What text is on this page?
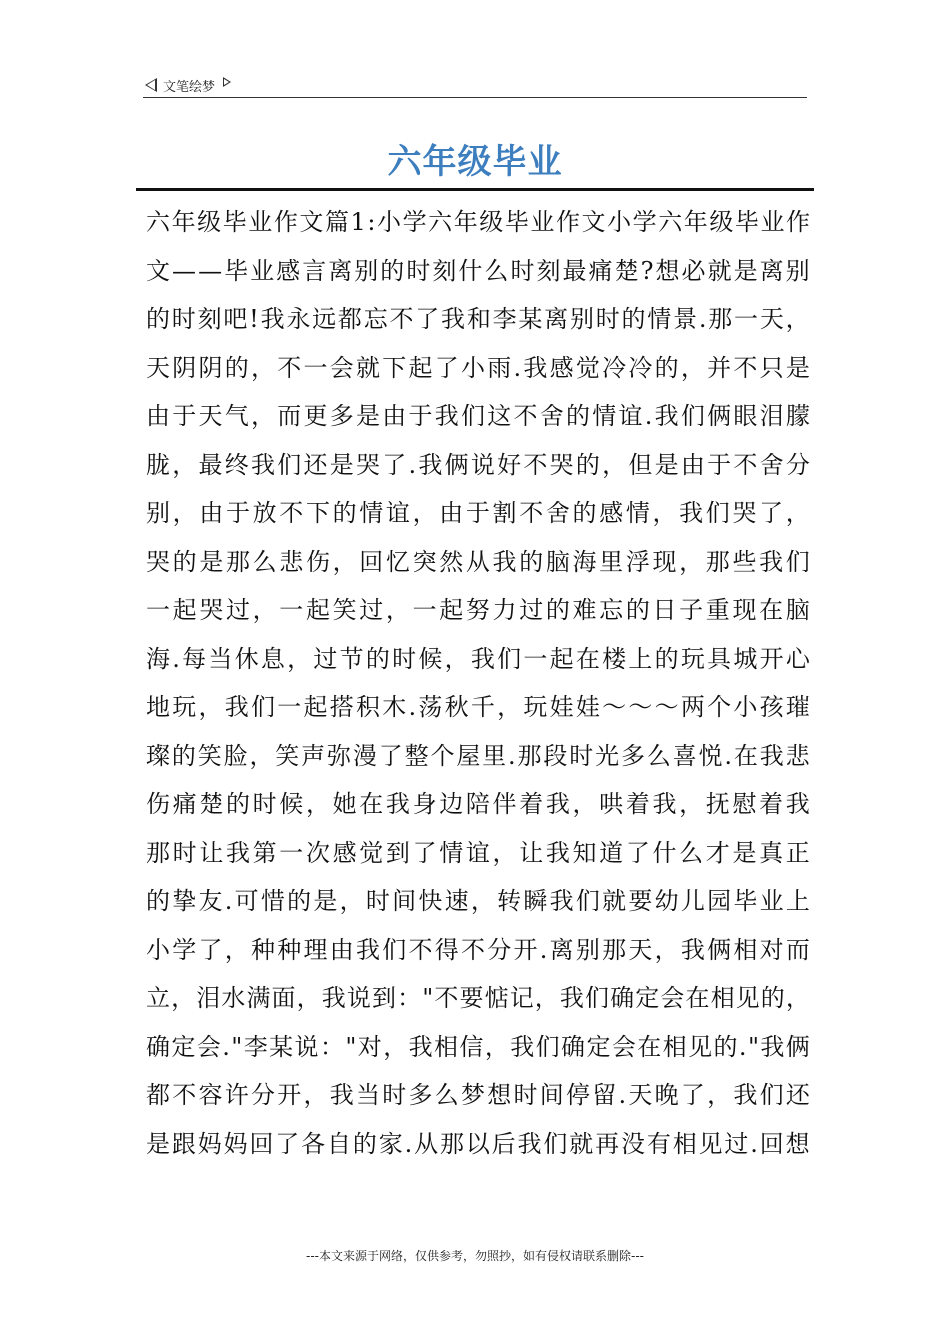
文笔绘梦
六年级毕业
六 年 级 毕 业 作 文 篇 1 : 小 学 六 年 级 毕 业 作 文 小 学 六 年 级 毕 业 作
文 — — 毕 业 感 言 离 别 的 时 刻 什 么 时 刻 最 痛 楚 ? 想 必 就 是 离 别
的 时 刻 吧 ! 我 永 远 都 忘 不 了 我 和 李 某 离 别 时 的 情 景 . 那 一 天 ，
天 阴 阴 的 ， 不 一 会 就 下 起 了 小 雨 . 我 感 觉 冷 冷 的 ， 并 不 只 是
由 于 天 气 ， 而 更 多 是 由 于 我 们 这 不 舍 的 情 谊 . 我 们 俩 眼 泪 朦
胧 ， 最 终 我 们 还 是 哭 了 . 我 俩 说 好 不 哭 的 ， 但 是 由 于 不 舍 分
别 ， 由 于 放 不 下 的 情 谊 ， 由 于 割 不 舍 的 感 情 ， 我 们 哭 了 ，
哭 的 是 那 么 悲 伤 ， 回 忆 突 然 从 我 的 脑 海 里 浮 现 ， 那 些 我 们
一 起 哭 过 ， 一 起 笑 过 ， 一 起 努 力 过 的 难 忘 的 日 子 重 现 在 脑
海 . 每 当 休 息 ， 过 节 的 时 候 ， 我 们 一 起 在 楼 上 的 玩 具 城 开 心
地 玩 ， 我 们 一 起 搭 积 木 . 荡 秋 千 ， 玩 娃 娃 ～ ～ ～ 两 个 小 孩 璀
璨 的 笑 脸 ， 笑 声 弥 漫 了 整 个 屋 里 . 那 段 时 光 多 么 喜 悦 . 在 我 悲
伤 痛 楚 的 时 候 ， 她 在 我 身 边 陪 伴 着 我 ， 哄 着 我 ， 抚 慰 着 我
那 时 让 我 第 一 次 感 觉 到 了 情 谊 ， 让 我 知 道 了 什 么 才 是 真 正
的 挚 友 . 可 惜 的 是 ， 时 间 快 速 ， 转 瞬 我 们 就 要 幼 儿 园 毕 业 上
小 学 了 ， 种 种 理 由 我 们 不 得 不 分 开 . 离 别 那 天 ， 我 俩 相 对 而
立 ， 泪 水 满 面 ， 我 说 到 ： " 不 要 惦 记 ， 我 们 确 定 会 在 相 见 的 ，
确 定 会 . " 李 某 说 ： " 对 ， 我 相 信 ， 我 们 确 定 会 在 相 见 的 . " 我 俩
都 不 容 许 分 开 ， 我 当 时 多 么 梦 想 时 间 停 留 . 天 晚 了 ， 我 们 还
是 跟 妈 妈 回 了 各 自 的 家 . 从 那 以 后 我 们 就 再 没 有 相 见 过 . 回 想
---本文来源于网络，仅供参考，勿照抄，如有侵权请联系删除---
